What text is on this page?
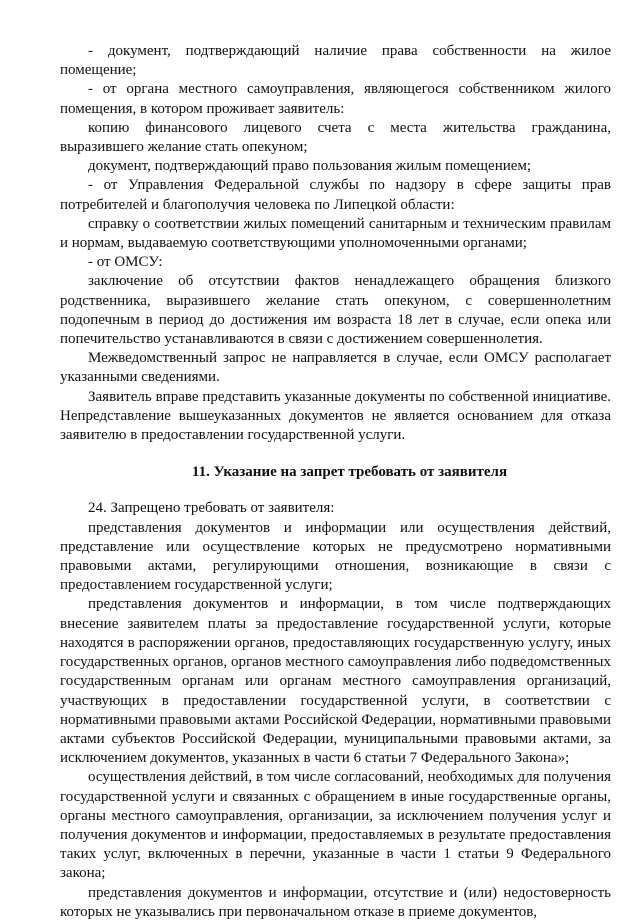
- документ, подтверждающий наличие права собственности на жилое помещение;

- от органа местного самоуправления, являющегося собственником жилого помещения, в котором проживает заявитель:

копию финансового лицевого счета с места жительства гражданина, выразившего желание стать опекуном;

документ, подтверждающий право пользования жилым помещением;

- от Управления Федеральной службы по надзору в сфере защиты прав потребителей и благополучия человека по Липецкой области:

справку о соответствии жилых помещений санитарным и техническим правилам и нормам, выдаваемую соответствующими уполномоченными органами;

- от ОМСУ:

заключение об отсутствии фактов ненадлежащего обращения близкого родственника, выразившего желание стать опекуном, с совершеннолетним подопечным в период до достижения им возраста 18 лет в случае, если опека или попечительство устанавливаются в связи с достижением совершеннолетия.

Межведомственный запрос не направляется в случае, если ОМСУ располагает указанными сведениями.

Заявитель вправе представить указанные документы по собственной инициативе. Непредставление вышеуказанных документов не является основанием для отказа заявителю в предоставлении государственной услуги.

11. Указание на запрет требовать от заявителя

24. Запрещено требовать от заявителя:

представления документов и информации или осуществления действий, представление или осуществление которых не предусмотрено нормативными правовыми актами, регулирующими отношения, возникающие в связи с предоставлением государственной услуги;

представления документов и информации, в том числе подтверждающих внесение заявителем платы за предоставление государственной услуги, которые находятся в распоряжении органов, предоставляющих государственную услугу, иных государственных органов, органов местного самоуправления либо подведомственных государственным органам или органам местного самоуправления организаций, участвующих в предоставлении государственной услуги, в соответствии с нормативными правовыми актами Российской Федерации, нормативными правовыми актами субъектов Российской Федерации, муниципальными правовыми актами, за исключением документов, указанных в части 6 статьи 7 Федерального Закона»;

осуществления действий, в том числе согласований, необходимых для получения государственной услуги и связанных с обращением в иные государственные органы, органы местного самоуправления, организации, за исключением получения услуг и получения документов и информации, предоставляемых в результате предоставления таких услуг, включенных в перечни, указанные в части 1 статьи 9 Федерального закона;

представления документов и информации, отсутствие и (или) недостоверность которых не указывались при первоначальном отказе в приеме документов,
